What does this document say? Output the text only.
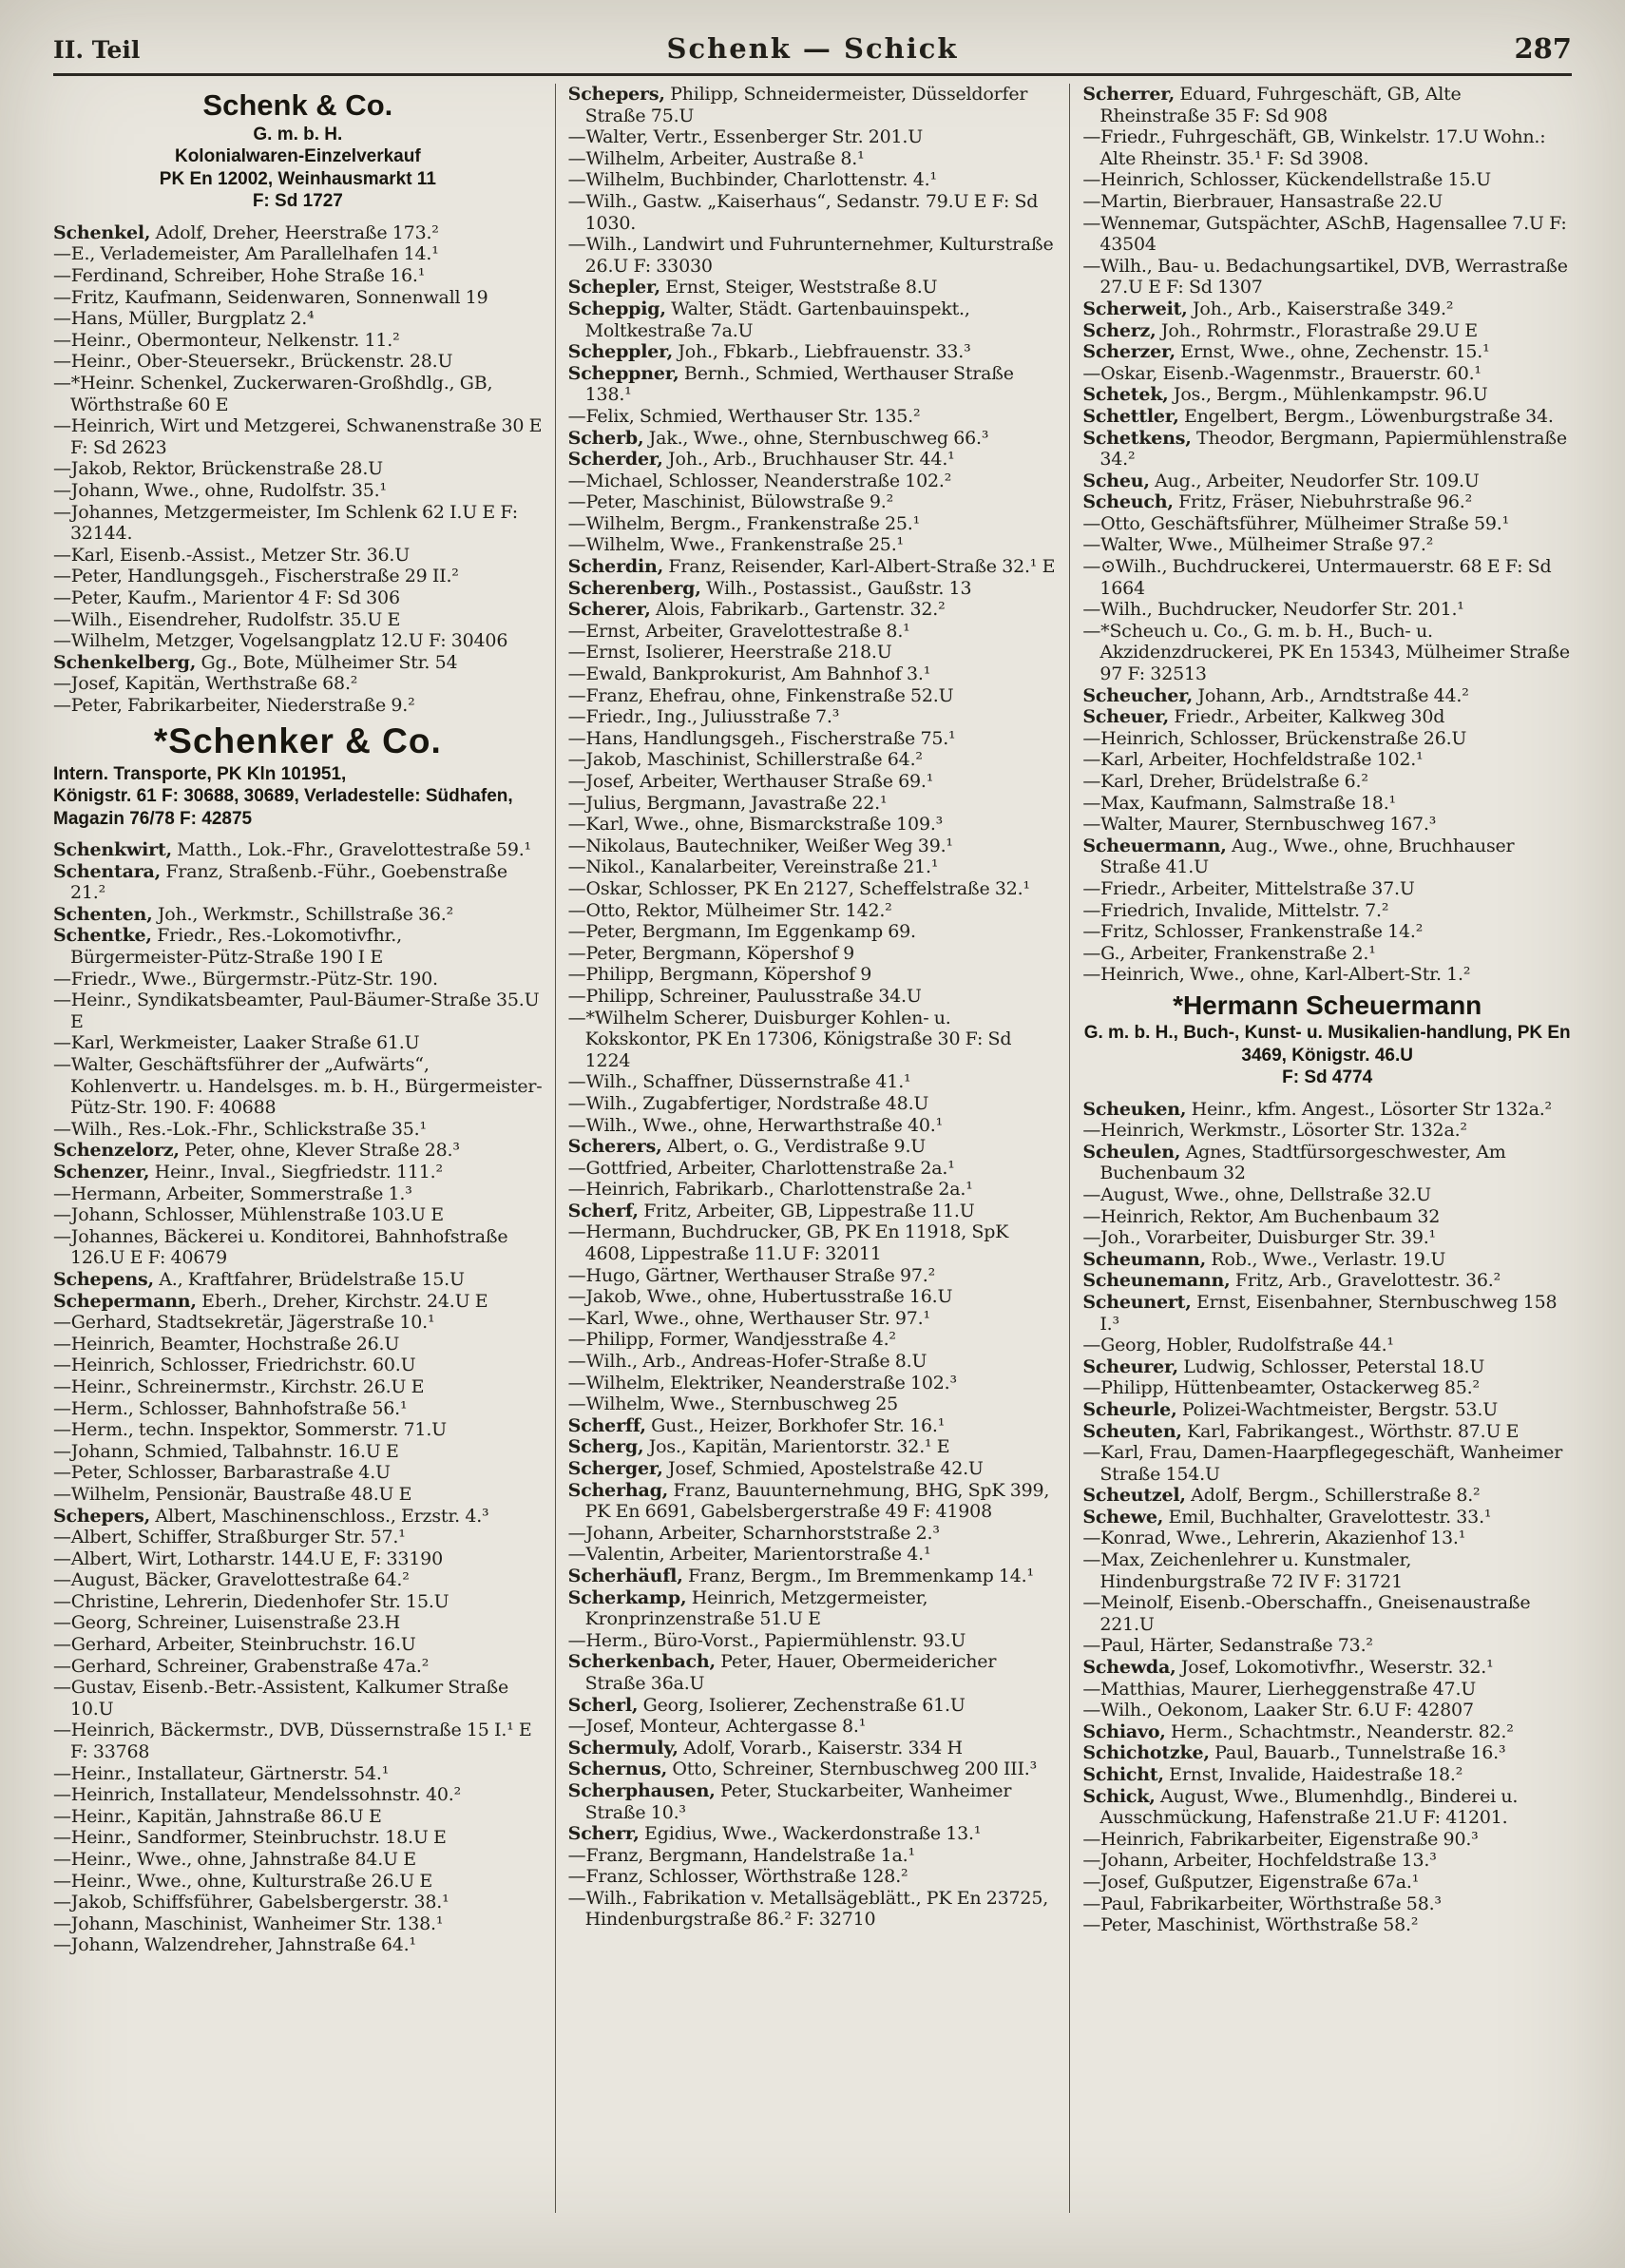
II. Teil	Schenk — Schick	287
Schenk & Co.
G. m. b. H.
Kolonialwaren-Einzelverkauf
PK En 12002, Weinhausmarkt 11
F: Sd 1727

Schenkel, Adolf, Dreher, Heerstraße 173.²

—E., Verlademeister, Am Parallelhafen 14.¹

—Ferdinand, Schreiber, Hohe Straße 16.¹

—Fritz, Kaufmann, Seidenwaren, Sonnenwall 19

—Hans, Müller, Burgplatz 2.⁴

—Heinr., Obermonteur, Nelkenstr. 11.²

—Heinr., Ober-Steuersekr., Brückenstr. 28.U

—*Heinr. Schenkel, Zuckerwaren-Großhdlg., GB, Wörthstraße 60 E

—Heinrich, Wirt und Metzgerei, Schwanenstraße 30 E F: Sd 2623

—Jakob, Rektor, Brückenstraße 28.U

—Johann, Wwe., ohne, Rudolfstr. 35.¹

—Johannes, Metzgermeister, Im Schlenk 62 I.U E F: 32144.

—Karl, Eisenb.-Assist., Metzer Str. 36.U

—Peter, Handlungsgeh., Fischerstraße 29 II.²

—Peter, Kaufm., Marientor 4 F: Sd 306

—Wilh., Eisendreher, Rudolfstr. 35.U E

—Wilhelm, Metzger, Vogelsangplatz 12.U F: 30406

Schenkelberg, Gg., Bote, Mülheimer Str. 54

—Josef, Kapitän, Werthstraße 68.²

—Peter, Fabrikarbeiter, Niederstraße 9.²

*Schenker & Co.
Intern. Transporte, PK Kln 101951,
Königstr. 61 F: 30688, 30689, Verladestelle: Südhafen, Magazin 76/78 F: 42875

Schenkwirt, Matth., Lok.-Fhr., Gravelottestraße 59.¹

Schentara, Franz, Straßenb.-Führ., Goebenstraße 21.²

Schenten, Joh., Werkmstr., Schillstraße 36.²

Schentke, Friedr., Res.-Lokomotivfhr., Bürgermeister-Pütz-Straße 190 I E

—Friedr., Wwe., Bürgermstr.-Pütz-Str. 190.

—Heinr., Syndikatsbeamter, Paul-Bäumer-Straße 35.U E

—Karl, Werkmeister, Laaker Straße 61.U

—Walter, Geschäftsführer der „Aufwärts“, Kohlenvertr. u. Handelsges. m. b. H., Bürgermeister-Pütz-Str. 190. F: 40688

—Wilh., Res.-Lok.-Fhr., Schlickstraße 35.¹

Schenzelorz, Peter, ohne, Klever Straße 28.³

Schenzer, Heinr., Inval., Siegfriedstr. 111.²

—Hermann, Arbeiter, Sommerstraße 1.³

—Johann, Schlosser, Mühlenstraße 103.U E

—Johannes, Bäckerei u. Konditorei, Bahnhofstraße 126.U E F: 40679

Schepens, A., Kraftfahrer, Brüdelstraße 15.U

Schepermann, Eberh., Dreher, Kirchstr. 24.U E

—Gerhard, Stadtsekretär, Jägerstraße 10.¹

—Heinrich, Beamter, Hochstraße 26.U

—Heinrich, Schlosser, Friedrichstr. 60.U

—Heinr., Schreinermstr., Kirchstr. 26.U E

—Herm., Schlosser, Bahnhofstraße 56.¹

—Herm., techn. Inspektor, Sommerstr. 71.U

—Johann, Schmied, Talbahnstr. 16.U E

—Peter, Schlosser, Barbarastraße 4.U

—Wilhelm, Pensionär, Baustraße 48.U E

Schepers, Albert, Maschinenschloss., Erzstr. 4.³

—Albert, Schiffer, Straßburger Str. 57.¹

—Albert, Wirt, Lotharstr. 144.U E, F: 33190

—August, Bäcker, Gravelottestraße 64.²

—Christine, Lehrerin, Diedenhofer Str. 15.U

—Georg, Schreiner, Luisenstraße 23.H

—Gerhard, Arbeiter, Steinbruchstr. 16.U

—Gerhard, Schreiner, Grabenstraße 47a.²

—Gustav, Eisenb.-Betr.-Assistent, Kalkumer Straße 10.U

—Heinrich, Bäckermstr., DVB, Düssernstraße 15 I.¹ E F: 33768

—Heinr., Installateur, Gärtnerstr. 54.¹

—Heinrich, Installateur, Mendelssohnstr. 40.²

—Heinr., Kapitän, Jahnstraße 86.U E

—Heinr., Sandformer, Steinbruchstr. 18.U E

—Heinr., Wwe., ohne, Jahnstraße 84.U E

—Heinr., Wwe., ohne, Kulturstraße 26.U E

—Jakob, Schiffsführer, Gabelsbergerstr. 38.¹

—Johann, Maschinist, Wanheimer Str. 138.¹

—Johann, Walzendreher, Jahnstraße 64.¹

Schepers, Philipp, Schneidermeister, Düsseldorfer Straße 75.U

—Walter, Vertr., Essenberger Str. 201.U

—Wilhelm, Arbeiter, Austraße 8.¹

—Wilhelm, Buchbinder, Charlottenstr. 4.¹

—Wilh., Gastw. „Kaiserhaus“, Sedanstr. 79.U E F: Sd 1030.

—Wilh., Landwirt und Fuhrunternehmer, Kulturstraße 26.U F: 33030

Schepler, Ernst, Steiger, Weststraße 8.U

Scheppig, Walter, Städt. Gartenbauinspekt., Moltkestraße 7a.U

Scheppler, Joh., Fbkarb., Liebfrauenstr. 33.³

Scheppner, Bernh., Schmied, Werthauser Straße 138.¹

—Felix, Schmied, Werthauser Str. 135.²

Scherb, Jak., Wwe., ohne, Sternbuschweg 66.³

Scherder, Joh., Arb., Bruchhauser Str. 44.¹

—Michael, Schlosser, Neanderstraße 102.²

—Peter, Maschinist, Bülowstraße 9.²

—Wilhelm, Bergm., Frankenstraße 25.¹

—Wilhelm, Wwe., Frankenstraße 25.¹

Scherdin, Franz, Reisender, Karl-Albert-Straße 32.¹ E

Scherenberg, Wilh., Postassist., Gaußstr. 13

Scherer, Alois, Fabrikarb., Gartenstr. 32.²

—Ernst, Arbeiter, Gravelottestraße 8.¹

—Ernst, Isolierer, Heerstraße 218.U

—Ewald, Bankprokurist, Am Bahnhof 3.¹

—Franz, Ehefrau, ohne, Finkenstraße 52.U

—Friedr., Ing., Juliusstraße 7.³

—Hans, Handlungsgeh., Fischerstraße 75.¹

—Jakob, Maschinist, Schillerstraße 64.²

—Josef, Arbeiter, Werthauser Straße 69.¹

—Julius, Bergmann, Javastraße 22.¹

—Karl, Wwe., ohne, Bismarckstraße 109.³

—Nikolaus, Bautechniker, Weißer Weg 39.¹

—Nikol., Kanalarbeiter, Vereinstraße 21.¹

—Oskar, Schlosser, PK En 2127, Scheffelstraße 32.¹

—Otto, Rektor, Mülheimer Str. 142.²

—Peter, Bergmann, Im Eggenkamp 69.

—Peter, Bergmann, Köpershof 9

—Philipp, Bergmann, Köpershof 9

—Philipp, Schreiner, Paulusstraße 34.U

—*Wilhelm Scherer, Duisburger Kohlen- u. Kokskontor, PK En 17306, Königstraße 30 F: Sd 1224

—Wilh., Schaffner, Düssernstraße 41.¹

—Wilh., Zugabfertiger, Nordstraße 48.U

—Wilh., Wwe., ohne, Herwarthstraße 40.¹

Scherers, Albert, o. G., Verdistraße 9.U

—Gottfried, Arbeiter, Charlottenstraße 2a.¹

—Heinrich, Fabrikarb., Charlottenstraße 2a.¹

Scherf, Fritz, Arbeiter, GB, Lippestraße 11.U

—Hermann, Buchdrucker, GB, PK En 11918, SpK 4608, Lippestraße 11.U F: 32011

—Hugo, Gärtner, Werthauser Straße 97.²

—Jakob, Wwe., ohne, Hubertusstraße 16.U

—Karl, Wwe., ohne, Werthauser Str. 97.¹

—Philipp, Former, Wandjesstraße 4.²

—Wilh., Arb., Andreas-Hofer-Straße 8.U

—Wilhelm, Elektriker, Neanderstraße 102.³

—Wilhelm, Wwe., Sternbuschweg 25

Scherff, Gust., Heizer, Borkhofer Str. 16.¹

Scherg, Jos., Kapitän, Marientorstr. 32.¹ E

Scherger, Josef, Schmied, Apostelstraße 42.U

Scherhag, Franz, Bauunternehmung, BHG, SpK 399, PK En 6691, Gabelsbergerstraße 49 F: 41908

—Johann, Arbeiter, Scharnhorststraße 2.³

—Valentin, Arbeiter, Marientorstraße 4.¹

Scherhäufl, Franz, Bergm., Im Bremmenkamp 14.¹

Scherkamp, Heinrich, Metzgermeister, Kronprinzenstraße 51.U E

—Herm., Büro-Vorst., Papiermühlenstr. 93.U

Scherkenbach, Peter, Hauer, Obermeidericher Straße 36a.U

Scherl, Georg, Isolierer, Zechenstraße 61.U

—Josef, Monteur, Achtergasse 8.¹

Schermuly, Adolf, Vorarb., Kaiserstr. 334 H

Schernus, Otto, Schreiner, Sternbuschweg 200 III.³

Scherphausen, Peter, Stuckarbeiter, Wanheimer Straße 10.³

Scherr, Egidius, Wwe., Wackerdonstraße 13.¹

—Franz, Bergmann, Handelstraße 1a.¹

—Franz, Schlosser, Wörthstraße 128.²

—Wilh., Fabrikation v. Metallsägeblätt., PK En 23725, Hindenburgstraße 86.² F: 32710

Scherrer, Eduard, Fuhrgeschäft, GB, Alte Rheinstraße 35 F: Sd 908

—Friedr., Fuhrgeschäft, GB, Winkelstr. 17.U Wohn.: Alte Rheinstr. 35.¹ F: Sd 3908.

—Heinrich, Schlosser, Kückendellstraße 15.U

—Martin, Bierbrauer, Hansastraße 22.U

—Wennemar, Gutspächter, ASchB, Hagensallee 7.U F: 43504

—Wilh., Bau- u. Bedachungsartikel, DVB, Werrastraße 27.U E F: Sd 1307

Scherweit, Joh., Arb., Kaiserstraße 349.²

Scherz, Joh., Rohrmstr., Florastraße 29.U E

Scherzer, Ernst, Wwe., ohne, Zechenstr. 15.¹

—Oskar, Eisenb.-Wagenmstr., Brauerstr. 60.¹

Schetek, Jos., Bergm., Mühlenkampstr. 96.U

Schettler, Engelbert, Bergm., Löwenburgstraße 34.

Schetkens, Theodor, Bergmann, Papiermühlenstraße 34.²

Scheu, Aug., Arbeiter, Neudorfer Str. 109.U

Scheuch, Fritz, Fräser, Niebuhrstraße 96.²

—Otto, Geschäftsführer, Mülheimer Straße 59.¹

—Walter, Wwe., Mülheimer Straße 97.²

—⊙Wilh., Buchdruckerei, Untermauerstr. 68 E F: Sd 1664

—Wilh., Buchdrucker, Neudorfer Str. 201.¹

—*Scheuch u. Co., G. m. b. H., Buch- u. Akzidenzdruckerei, PK En 15343, Mülheimer Straße 97 F: 32513

Scheucher, Johann, Arb., Arndtstraße 44.²

Scheuer, Friedr., Arbeiter, Kalkweg 30d

—Heinrich, Schlosser, Brückenstraße 26.U

—Karl, Arbeiter, Hochfeldstraße 102.¹

—Karl, Dreher, Brüdelstraße 6.²

—Max, Kaufmann, Salmstraße 18.¹

—Walter, Maurer, Sternbuschweg 167.³

Scheuermann, Aug., Wwe., ohne, Bruchhauser Straße 41.U

—Friedr., Arbeiter, Mittelstraße 37.U

—Friedrich, Invalide, Mittelstr. 7.²

—Fritz, Schlosser, Frankenstraße 14.²

—G., Arbeiter, Frankenstraße 2.¹

—Heinrich, Wwe., ohne, Karl-Albert-Str. 1.²

*Hermann Scheuermann
G. m. b. H., Buch-, Kunst- u. Musikalien-handlung, PK En 3469, Königstr. 46.U
F: Sd 4774

Scheuken, Heinr., kfm. Angest., Lösorter Str 132a.²

—Heinrich, Werkmstr., Lösorter Str. 132a.²

Scheulen, Agnes, Stadtfürsorgeschwester, Am Buchenbaum 32

—August, Wwe., ohne, Dellstraße 32.U

—Heinrich, Rektor, Am Buchenbaum 32

—Joh., Vorarbeiter, Duisburger Str. 39.¹

Scheumann, Rob., Wwe., Verlastr. 19.U

Scheunemann, Fritz, Arb., Gravelottestr. 36.²

Scheunert, Ernst, Eisenbahner, Sternbuschweg 158 I.³

—Georg, Hobler, Rudolfstraße 44.¹

Scheurer, Ludwig, Schlosser, Peterstal 18.U

—Philipp, Hüttenbeamter, Ostackerweg 85.²

Scheurle, Polizei-Wachtmeister, Bergstr. 53.U

Scheuten, Karl, Fabrikangest., Wörthstr. 87.U E

—Karl, Frau, Damen-Haarpflegegeschäft, Wanheimer Straße 154.U

Scheutzel, Adolf, Bergm., Schillerstraße 8.²

Schewe, Emil, Buchhalter, Gravelottestr. 33.¹

—Konrad, Wwe., Lehrerin, Akazienhof 13.¹

—Max, Zeichenlehrer u. Kunstmaler, Hindenburgstraße 72 IV F: 31721

—Meinolf, Eisenb.-Oberschaffn., Gneisenaustraße 221.U

—Paul, Härter, Sedanstraße 73.²

Schewda, Josef, Lokomotivfhr., Weserstr. 32.¹

—Matthias, Maurer, Lierheggenstraße 47.U

—Wilh., Oekonom, Laaker Str. 6.U F: 42807

Schiavo, Herm., Schachtmstr., Neanderstr. 82.²

Schichotzke, Paul, Bauarb., Tunnelstraße 16.³

Schicht, Ernst, Invalide, Haidestraße 18.²

Schick, August, Wwe., Blumenhdlg., Binderei u. Ausschmückung, Hafenstraße 21.U F: 41201.

—Heinrich, Fabrikarbeiter, Eigenstraße 90.³

—Johann, Arbeiter, Hochfeldstraße 13.³

—Josef, Gußputzer, Eigenstraße 67a.¹

—Paul, Fabrikarbeiter, Wörthstraße 58.³

—Peter, Maschinist, Wörthstraße 58.²
